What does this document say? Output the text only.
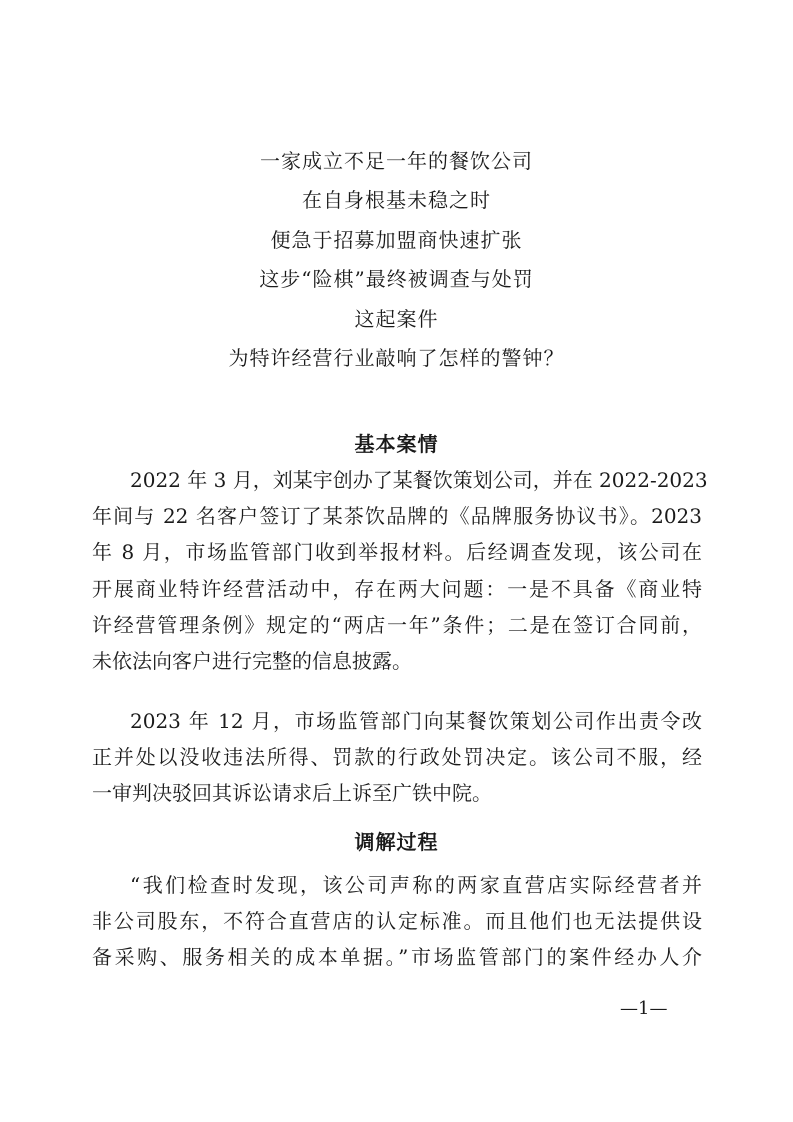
一家成立不足一年的餐饮公司
在自身根基未稳之时
便急于招募加盟商快速扩张
这步“险棋”最终被调查与处罚
这起案件
为特许经营行业敲响了怎样的警钟？
基本案情
2022 年 3 月，刘某宇创办了某餐饮策划公司，并在 2022-2023
年间与 22 名客户签订了某茶饮品牌的《品牌服务协议书》。2023
年 8 月，市场监管部门收到举报材料。后经调查发现，该公司在
开展商业特许经营活动中，存在两大问题：一是不具备《商业特
许经营管理条例》规定的“两店一年”条件；二是在签订合同前，
未依法向客户进行完整的信息披露。
2023 年 12 月，市场监管部门向某餐饮策划公司作出责令改
正并处以没收违法所得、罚款的行政处罚决定。该公司不服，经
一审判决驳回其诉讼请求后上诉至广铁中院。
调解过程
“我们检查时发现，该公司声称的两家直营店实际经营者并
非公司股东，不符合直营店的认定标准。而且他们也无法提供设
备采购、服务相关的成本单据。”市场监管部门的案件经办人介
—1—
